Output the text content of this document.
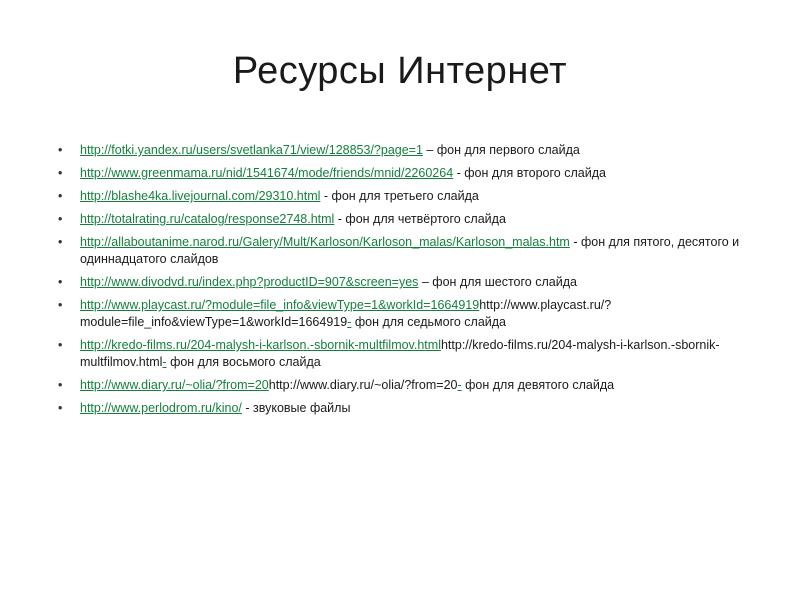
Ресурсы Интернет
•	http://fotki.yandex.ru/users/svetlanka71/view/128853/?page=1 – фон для первого слайда
•	http://www.greenmama.ru/nid/1541674/mode/friends/mnid/2260264 - фон для второго слайда
•	http://blashe4ka.livejournal.com/29310.html - фон для третьего слайда
•	http://totalrating.ru/catalog/response2748.html - фон для четвёртого слайда
•	http://allaboutanime.narod.ru/Galery/Mult/Karloson/Karloson_malas/Karloson_malas.htm - фон для пятого, десятого и одиннадцатого слайдов
•	http://www.divodvd.ru/index.php?productID=907&screen=yes – фон для шестого слайда
•	http://www.playcast.ru/?module=file_info&viewType=1&workId=1664919http://www.playcast.ru/?module=file_info&viewType=1&workId=1664919- фон для седьмого слайда
•	http://kredo-films.ru/204-malysh-i-karlson.-sbornik-multfilmov.htmlhttp://kredo-films.ru/204-malysh-i-karlson.-sbornik-multfilmov.html- фон для восьмого слайда
•	http://www.diary.ru/~olia/?from=20http://www.diary.ru/~olia/?from=20- фон для девятого слайда
•	http://www.perlodrom.ru/kino/ - звуковые файлы
